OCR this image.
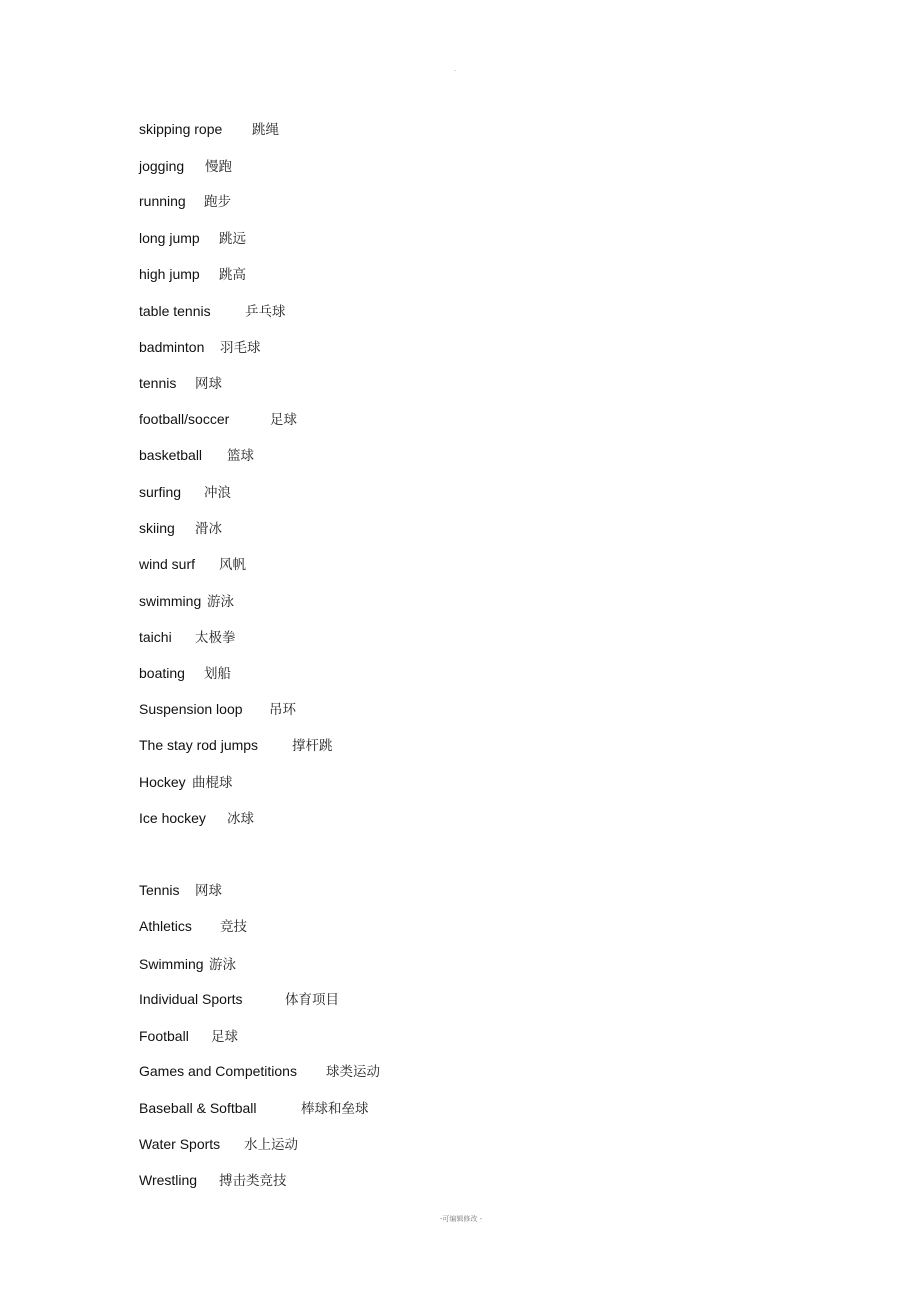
.
skipping rope 跳绳
jogging 慢跑
running 跑步
long jump 跳远
high jump 跳高
table tennis	乒乓球
badminton 羽毛球
tennis 网球
football/soccer	足球
basketball 篮球
surfing 冲浪
skiing 滑冰
wind surf 风帆
swimming 游泳
taichi 太极拳
boating 划船
Suspension loop 吊环
The stay rod jumps	撑杆跳
Hockey 曲棍球
Ice hockey 冰球
Tennis 网球
Athletics 竞技
Swimming 游泳
Individual Sports	体育项目
Football 足球
Games and Competitions 球类运动
Baseball & Softball	棒球和垒球
Water Sports 水上运动
Wrestling 搏击类竞技
-可编辑修改 -
